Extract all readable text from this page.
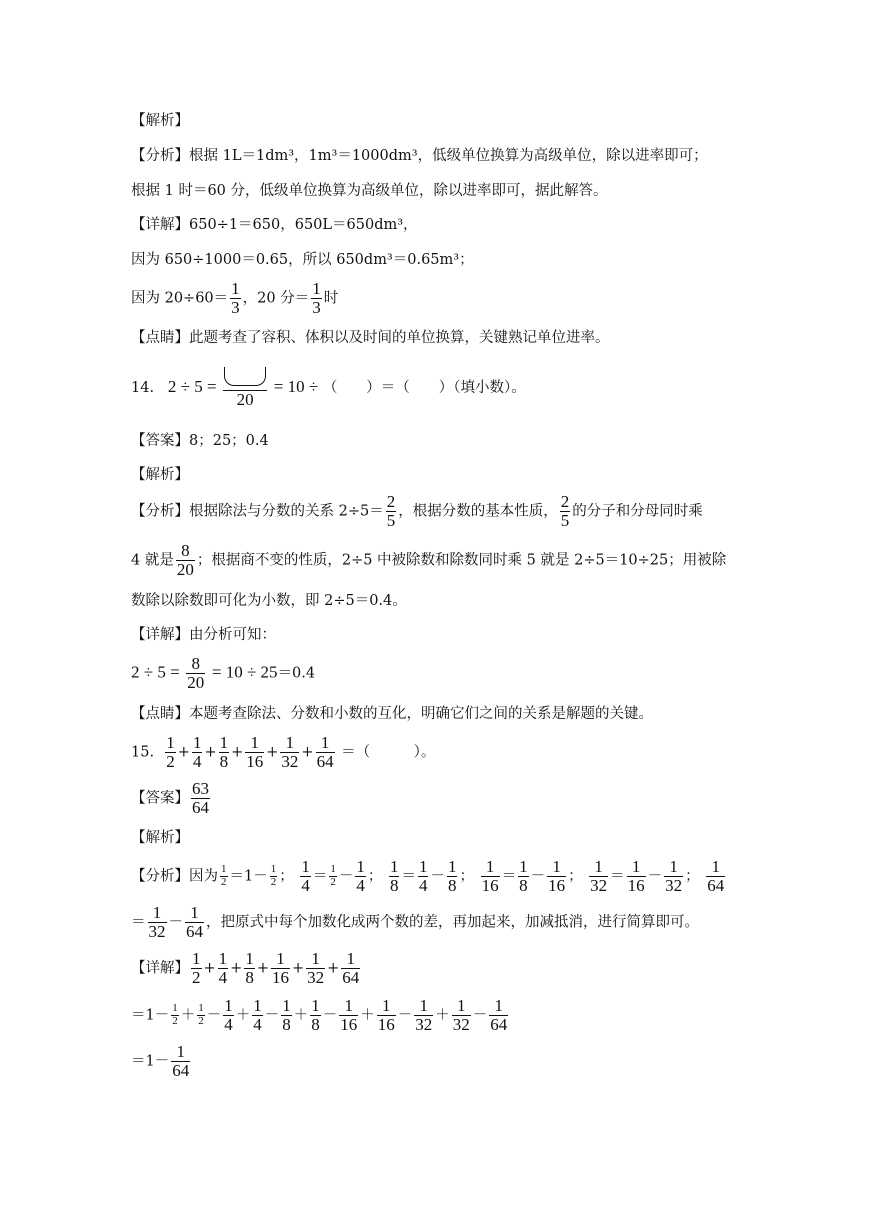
【解析】
【分析】根据 1L＝1dm³，1m³＝1000dm³，低级单位换算为高级单位，除以进率即可；
根据 1 时＝60 分，低级单位换算为高级单位，除以进率即可，据此解答。
【详解】650÷1＝650，650L＝650dm³，
因为 650÷1000＝0.65，所以 650dm³＝0.65m³；
因为 $20\div 60= \frac{1}{3}$ ，20 分＝ $\frac{1}{3}$ 时
【点睛】此题考查了容积、体积以及时间的单位换算，关键熟记单位进率。
14. 2 ÷ 5 =
20
= 10 ÷ （　　）＝（　　）（填小数）。
【答案】8；25；0.4
【解析】
【分析】根据除法与分数的关系 $2\div 5= \frac{2}{5}$ ，根据分数的基本性质， $\frac{2}{5}$ 的分子和分母同时乘
4 就是 $\frac{8}{20}$ ；根据商不变的性质，2÷5 中被除数和除数同时乘 5 就是 2÷5＝10÷25；用被除
数除以除数即可化为小数，即 2÷5＝0.4。
【详解】由分析可知：
$2 \div 5 = \frac{8}{20} = 10 \div 25=0.4$
【点睛】本题考查除法、分数和小数的互化，明确它们之间的关系是解题的关键。
15. $\frac{1}{2} + \frac{1}{4} + \frac{1}{8} + \frac{1}{16} + \frac{1}{32} + \frac{1}{64}$ ＝（　　　）。
【答案】 $\frac{63}{64}$
【解析】
【分析】因为 $\frac{1}{2} =1- \frac{1}{2}$ ； $\frac{1}{4} = \frac{1}{2} - \frac{1}{4}$ ； $\frac{1}{8} = \frac{1}{4} - \frac{1}{8}$ ； $\frac{1}{16} = \frac{1}{8} - \frac{1}{16}$ ； $\frac{1}{32} = \frac{1}{16} - \frac{1}{32}$ ； $\frac{1}{64}$
＝ $\frac{1}{32} - \frac{1}{64}$ ，把原式中每个加数化成两个数的差，再加起来，加减抵消，进行简算即可。
【详解】 $\frac{1}{2} + \frac{1}{4} + \frac{1}{8} + \frac{1}{16} + \frac{1}{32} + \frac{1}{64}$
$=1- \frac{1}{2} + \frac{1}{2} - \frac{1}{4} + \frac{1}{4} - \frac{1}{8} + \frac{1}{8} - \frac{1}{16} + \frac{1}{16} - \frac{1}{32} + \frac{1}{32} - \frac{1}{64}$
$=1- \frac{1}{64}$
